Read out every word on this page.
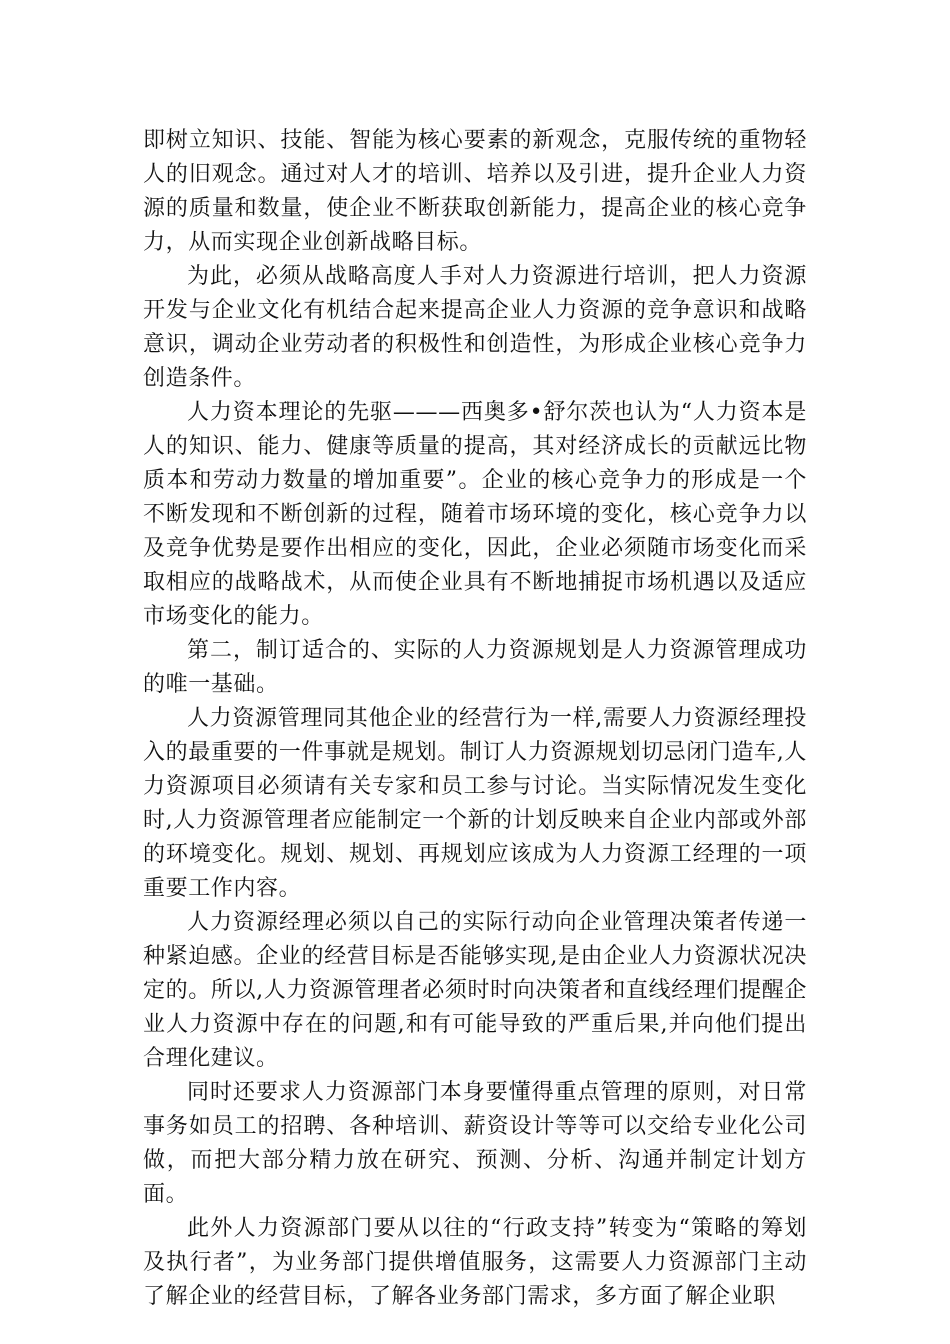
即树立知识、技能、智能为核心要素的新观念，克服传统的重物轻人的旧观念。通过对人才的培训、培养以及引进，提升企业人力资源的质量和数量，使企业不断获取创新能力，提高企业的核心竞争力，从而实现企业创新战略目标。

为此，必须从战略高度人手对人力资源进行培训，把人力资源开发与企业文化有机结合起来提高企业人力资源的竞争意识和战略意识，调动企业劳动者的积极性和创造性，为形成企业核心竞争力创造条件。

人力资本理论的先驱———西奥多•舒尔茨也认为“人力资本是人的知识、能力、健康等质量的提高，其对经济成长的贡献远比物质本和劳动力数量的增加重要”。企业的核心竞争力的形成是一个不断发现和不断创新的过程，随着市场环境的变化，核心竞争力以及竞争优势是要作出相应的变化，因此，企业必须随市场变化而采取相应的战略战术，从而使企业具有不断地捕捉市场机遇以及适应市场变化的能力。

第二，制订适合的、实际的人力资源规划是人力资源管理成功的唯一基础。

人力资源管理同其他企业的经营行为一样,需要人力资源经理投入的最重要的一件事就是规划。制订人力资源规划切忌闭门造车,人力资源项目必须请有关专家和员工参与讨论。当实际情况发生变化时,人力资源管理者应能制定一个新的计划反映来自企业内部或外部的环境变化。规划、规划、再规划应该成为人力资源工经理的一项重要工作内容。

人力资源经理必须以自己的实际行动向企业管理决策者传递一种紧迫感。企业的经营目标是否能够实现,是由企业人力资源状况决定的。所以,人力资源管理者必须时时向决策者和直线经理们提醒企业人力资源中存在的问题,和有可能导致的严重后果,并向他们提出合理化建议。

同时还要求人力资源部门本身要懂得重点管理的原则，对日常事务如员工的招聘、各种培训、薪资设计等等可以交给专业化公司做，而把大部分精力放在研究、预测、分析、沟通并制定计划方面。

此外人力资源部门要从以往的“行政支持”转变为“策略的筹划及执行者”，为业务部门提供增值服务，这需要人力资源部门主动了解企业的经营目标，了解各业务部门需求，多方面了解企业职
